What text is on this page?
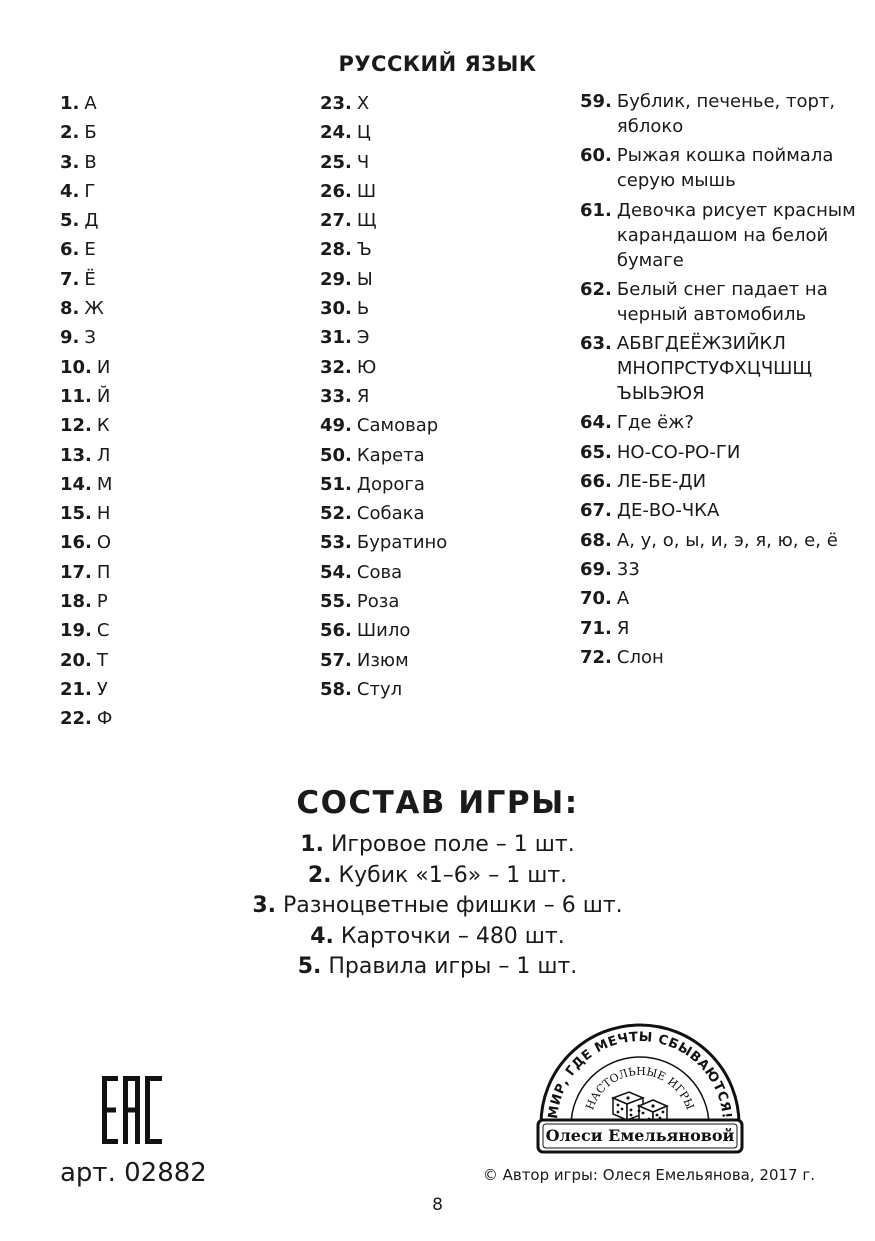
РУССКИЙ ЯЗЫК
1. А
2. Б
3. В
4. Г
5. Д
6. Е
7. Ё
8. Ж
9. З
10. И
11. Й
12. К
13. Л
14. М
15. Н
16. О
17. П
18. Р
19. С
20. Т
21. У
22. Ф
23. Х
24. Ц
25. Ч
26. Ш
27. Щ
28. Ъ
29. Ы
30. Ь
31. Э
32. Ю
33. Я
49. Самовар
50. Карета
51. Дорога
52. Собака
53. Буратино
54. Сова
55. Роза
56. Шило
57. Изюм
58. Стул
59. Бублик, печенье, торт, яблоко
60. Рыжая кошка поймала серую мышь
61. Девочка рисует красным карандашом на белой бумаге
62. Белый снег падает на черный автомобиль
63. АБВГДЕЁЖЗИЙКЛ МНОПРСТУФХЦЧШЩ ЪЫЬЭЮЯ
64. Где ёж?
65. НО-СО-РО-ГИ
66. ЛЕ-БЕ-ДИ
67. ДЕ-ВО-ЧКА
68. А, у, о, ы, и, э, я, ю, е, ё
69. 33
70. А
71. Я
72. Слон
СОСТАВ ИГРЫ:
1. Игровое поле – 1 шт.
2. Кубик «1–6» – 1 шт.
3. Разноцветные фишки – 6 шт.
4. Карточки – 480 шт.
5. Правила игры – 1 шт.
арт. 02882
МИР, ГДЕ МЕЧТЫ СБЫВАЮТСЯ!
НАСТОЛЬНЫЕ ИГРЫ
Олеси Емельяновой
© Автор игры: Олеся Емельянова, 2017 г.
8
